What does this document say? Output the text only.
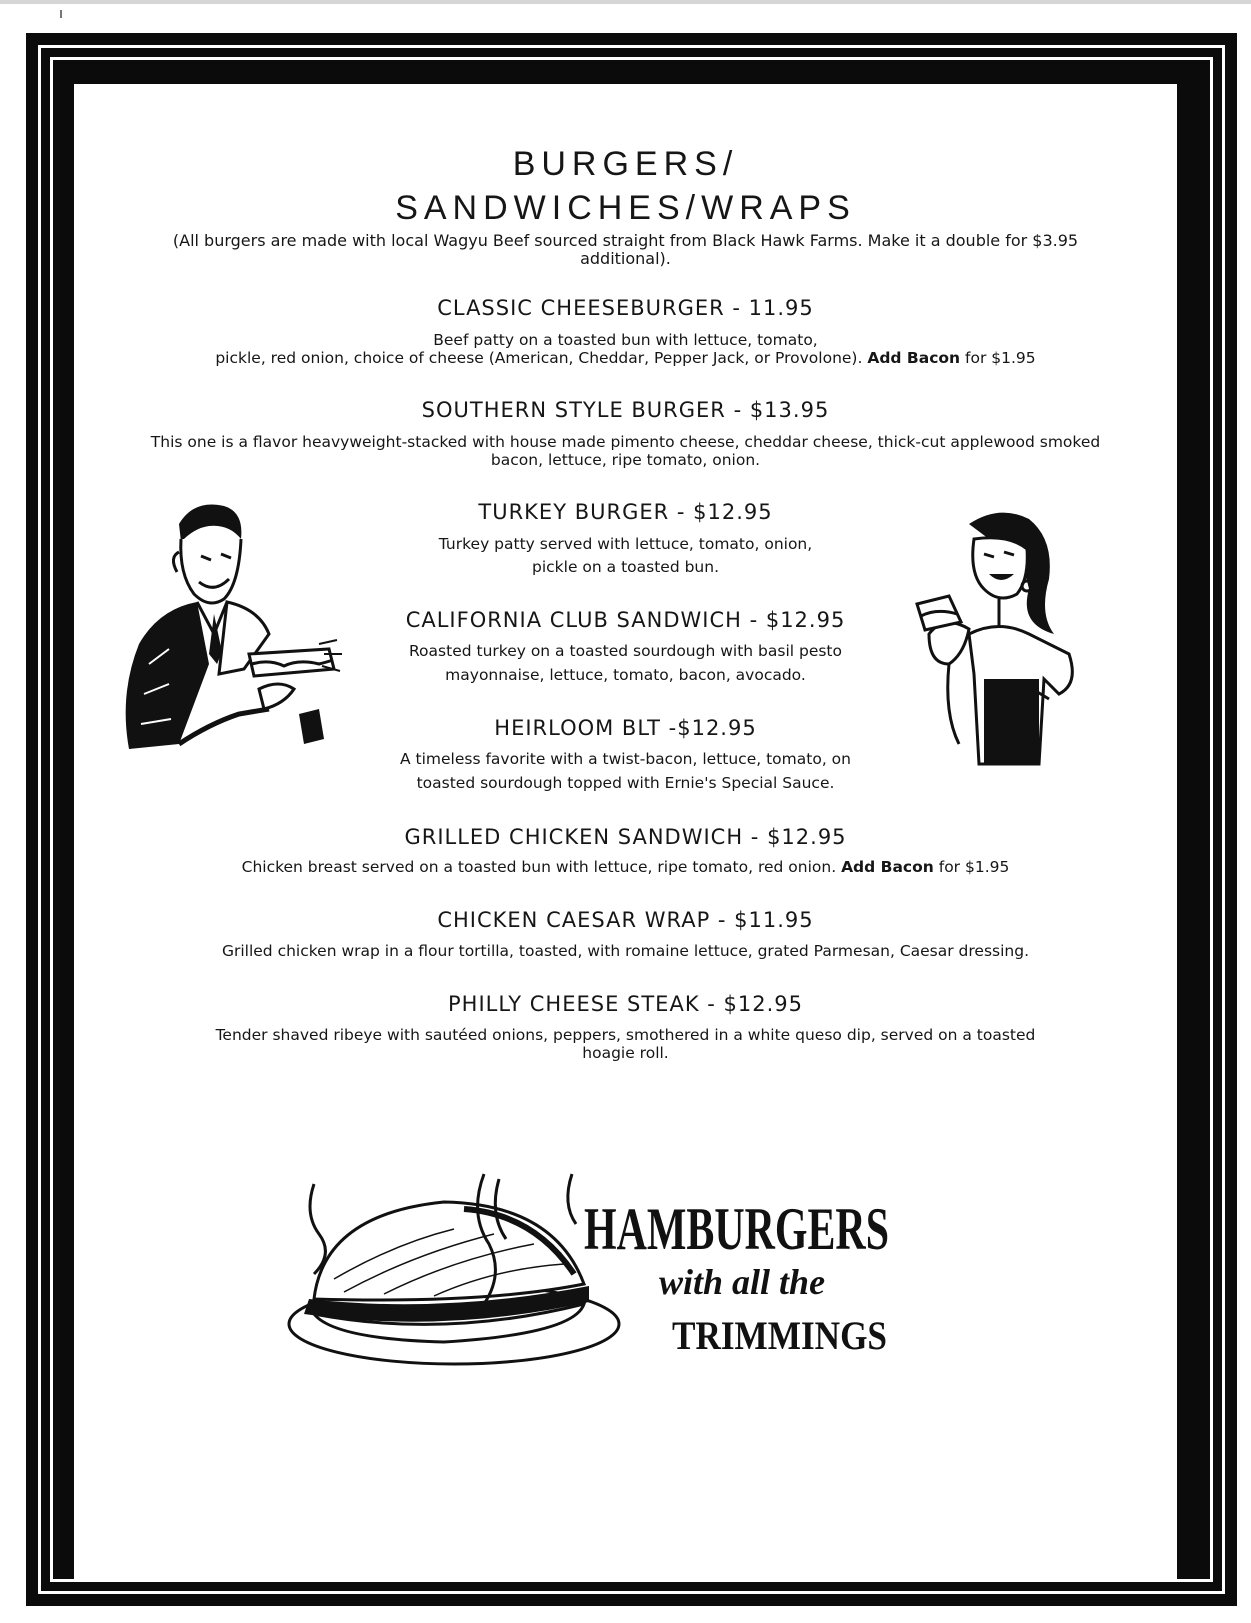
BURGERS/
SANDWICHES/WRAPS
(All burgers are made with local Wagyu Beef sourced straight from Black Hawk Farms. Make it a double for $3.95
additional).
CLASSIC CHEESEBURGER - 11.95
Beef patty on a toasted bun with lettuce, tomato,
pickle, red onion, choice of cheese (American, Cheddar, Pepper Jack, or Provolone). Add Bacon for $1.95
SOUTHERN STYLE BURGER - $13.95
This one is a flavor heavyweight-stacked with house made pimento cheese, cheddar cheese, thick-cut applewood smoked
bacon, lettuce, ripe tomato, onion.
TURKEY BURGER - $12.95
Turkey patty served with lettuce, tomato, onion,
pickle on a toasted bun.
CALIFORNIA CLUB SANDWICH - $12.95
Roasted turkey on a toasted sourdough with basil pesto
mayonnaise, lettuce, tomato, bacon, avocado.
HEIRLOOM BLT -$12.95
A timeless favorite with a twist-bacon, lettuce, tomato, on
toasted sourdough topped with Ernie's Special Sauce.
GRILLED CHICKEN SANDWICH - $12.95
Chicken breast served on a toasted bun with lettuce, ripe tomato, red onion. Add Bacon for $1.95
CHICKEN CAESAR WRAP - $11.95
Grilled chicken wrap in a flour tortilla, toasted, with romaine lettuce, grated Parmesan, Caesar dressing.
PHILLY CHEESE STEAK - $12.95
Tender shaved ribeye with sautéed onions, peppers, smothered in a white queso dip, served on a toasted
hoagie roll.
HAMBURGERS
with all the
TRIMMINGS
